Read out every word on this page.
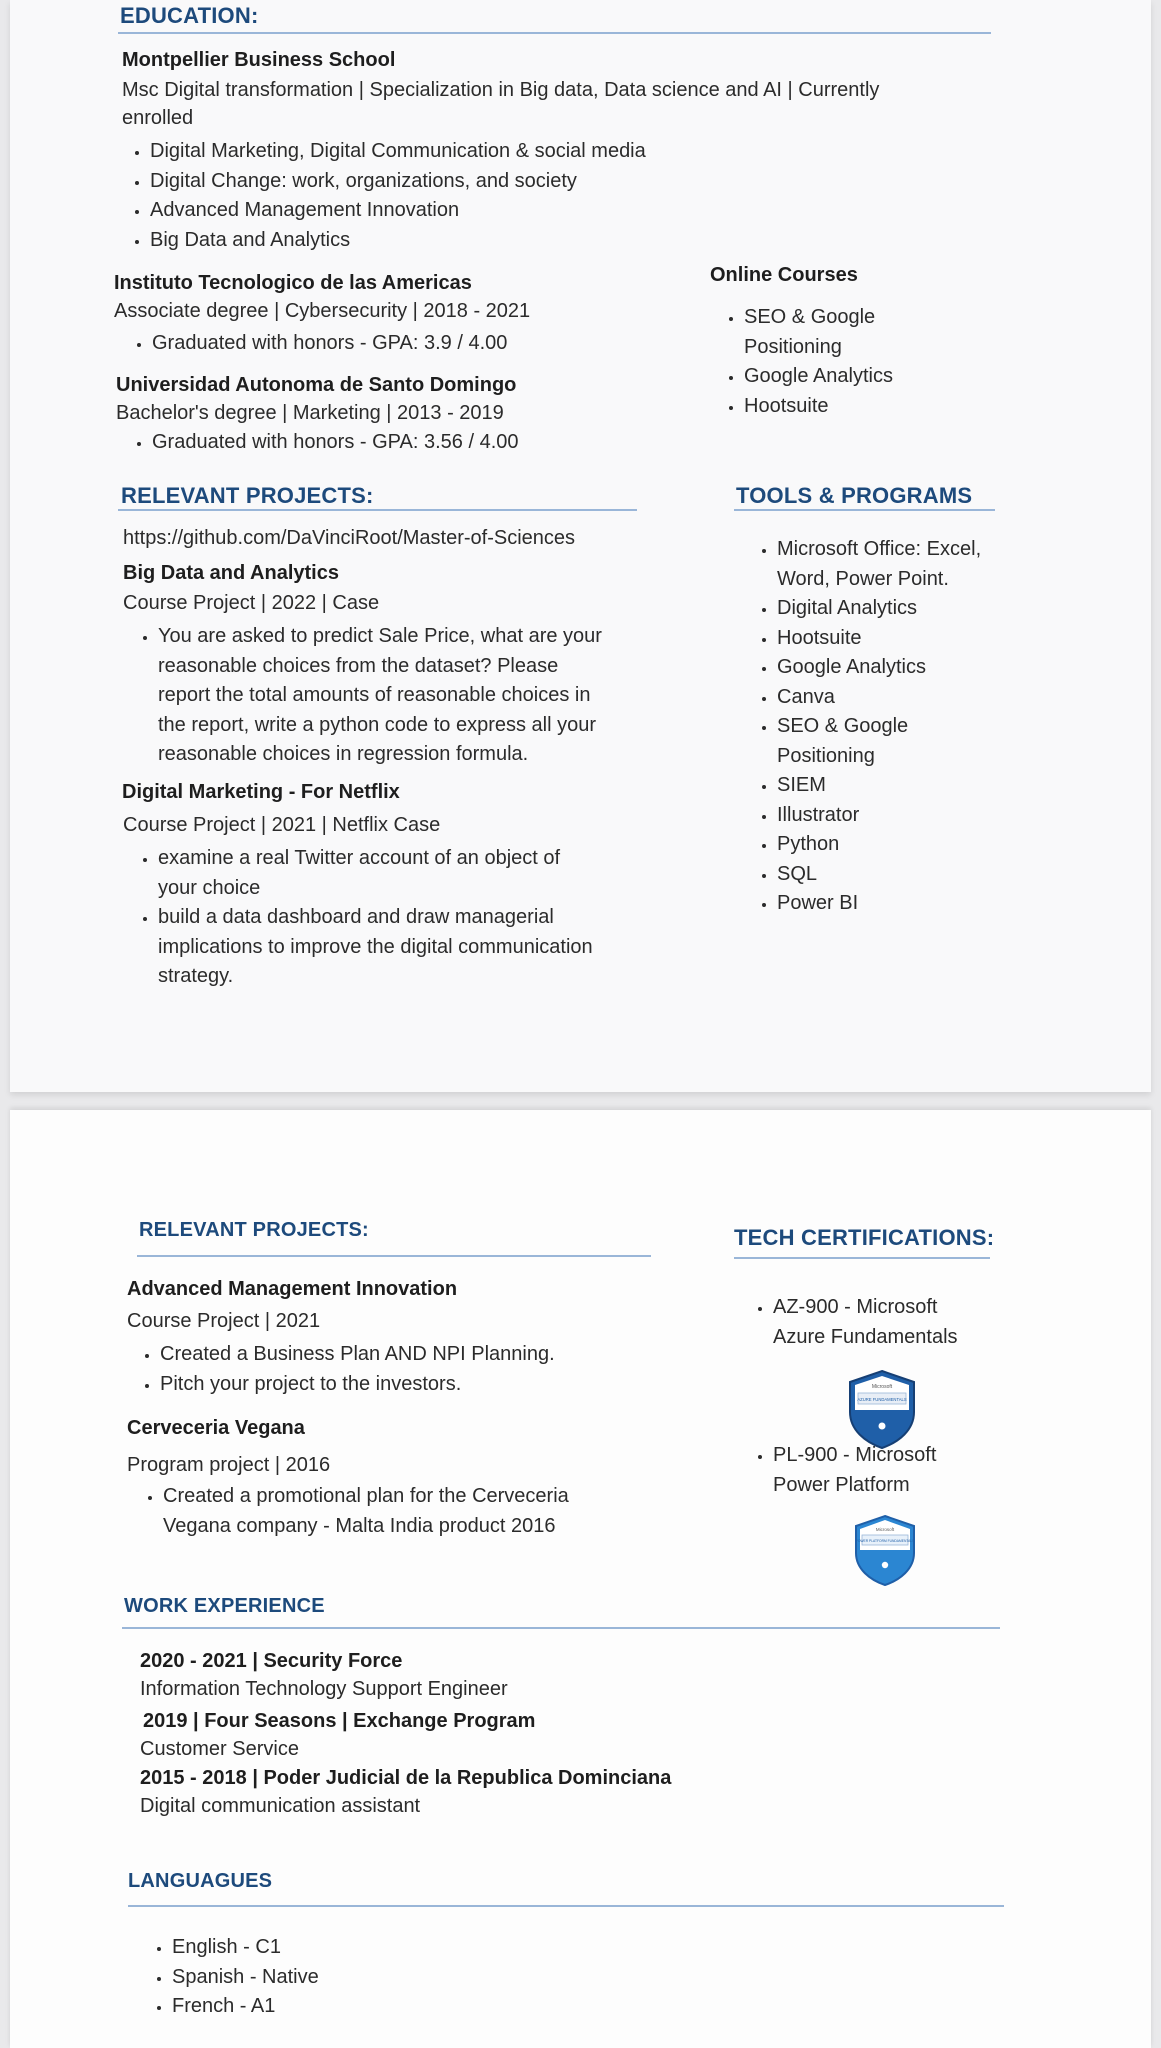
EDUCATION:
Montpellier Business School
Msc Digital transformation | Specialization in Big data, Data science and AI | Currently
enrolled
• Digital Marketing, Digital Communication & social media
• Digital Change: work, organizations, and society
• Advanced Management Innovation
• Big Data and Analytics
Instituto Tecnologico de las Americas
Associate degree | Cybersecurity | 2018 - 2021
• Graduated with honors - GPA: 3.9 / 4.00
Universidad Autonoma de Santo Domingo
Bachelor's degree | Marketing | 2013 - 2019
• Graduated with honors - GPA: 3.56 / 4.00
Online Courses
• SEO & Google
Positioning
• Google Analytics
• Hootsuite
RELEVANT PROJECTS:
https://github.com/DaVinciRoot/Master-of-Sciences
Big Data and Analytics
Course Project | 2022 | Case
• You are asked to predict Sale Price, what are your
reasonable choices from the dataset? Please
report the total amounts of reasonable choices in
the report, write a python code to express all your
reasonable choices in regression formula.
Digital Marketing - For Netflix
Course Project | 2021 | Netflix Case
• examine a real Twitter account of an object of
your choice
• build a data dashboard and draw managerial
implications to improve the digital communication
strategy.
TOOLS & PROGRAMS
• Microsoft Office: Excel,
Word, Power Point.
• Digital Analytics
• Hootsuite
• Google Analytics
• Canva
• SEO & Google
Positioning
• SIEM
• Illustrator
• Python
• SQL
• Power BI
RELEVANT PROJECTS:
Advanced Management Innovation
Course Project | 2021
• Created a Business Plan AND NPI Planning.
• Pitch your project to the investors.
Cerveceria Vegana
Program project | 2016
• Created a promotional plan for the Cerveceria
Vegana company - Malta India product 2016
TECH CERTIFICATIONS:
• AZ-900 - Microsoft
Azure Fundamentals
Microsoft
AZURE FUNDAMENTALS
• PL-900 - Microsoft
Power Platform
Microsoft
POWER PLATFORM FUNDAMENTALS
WORK EXPERIENCE
2020 - 2021 | Security Force
Information Technology Support Engineer
2019 | Four Seasons | Exchange Program
Customer Service
2015 - 2018 | Poder Judicial de la Republica Dominciana
Digital communication assistant
LANGUAGUES
• English - C1
• Spanish - Native
• French - A1
